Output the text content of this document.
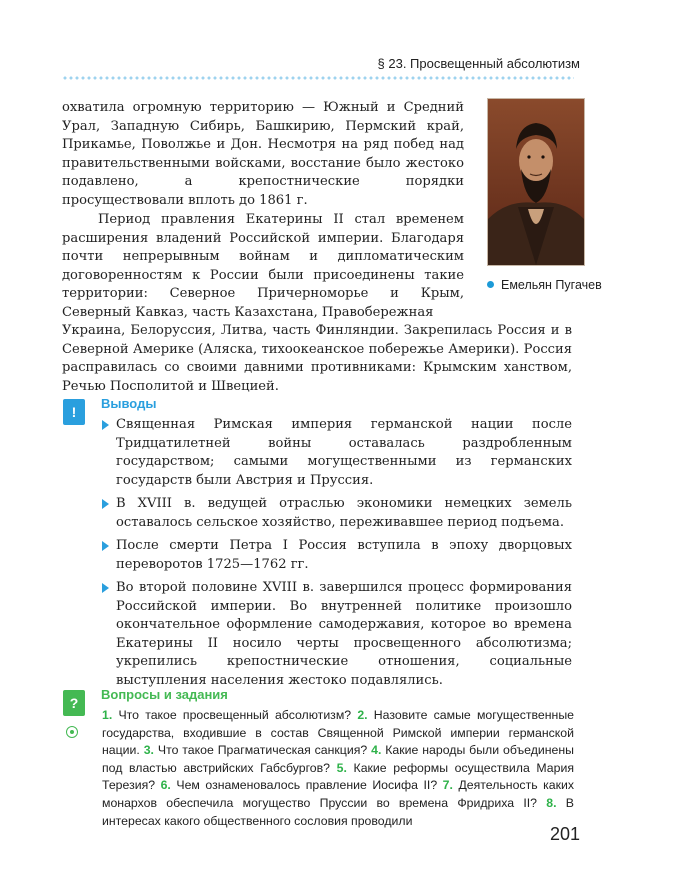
§ 23. Просвещенный абсолютизм

охватила огромную территорию — Южный и Средний Урал, Западную Сибирь, Башкирию, Пермский край, Прикамье, Поволжье и Дон. Несмотря на ряд побед над правительственными войсками, восстание было жестоко подавлено, а крепостнические порядки просуществовали вплоть до 1861 г.

Период правления Екатерины II стал временем расширения владений Российской империи. Благодаря почти непрерывным войнам и дипломатическим договоренностям к России были присоединены такие территории: Северное Причерноморье и Крым, Северный Кавказ, часть Казахстана, Правобережная

Украина, Белоруссия, Литва, часть Финляндии. Закрепилась Россия и в Северной Америке (Аляска, тихоокеанское побережье Америки). Россия расправилась со своими давними противниками: Крымским ханством, Речью Посполитой и Швецией.

Емельян Пугачев
!
Выводы
Священная Римская империя германской нации после Тридцатилетней войны оставалась раздробленным государством; самыми могущественными из германских государств были Австрия и Пруссия.
В XVIII в. ведущей отраслью экономики немецких земель оставалось сельское хозяйство, переживавшее период подъема.
После смерти Петра I Россия вступила в эпоху дворцовых переворотов 1725—1762 гг.
Во второй половине XVIII в. завершился процесс формирования Российской империи. Во внутренней политике произошло окончательное оформление самодержавия, которое во времена Екатерины II носило черты просвещенного абсолютизма; укрепились крепостнические отношения, социальные выступления населения жестоко подавлялись.
?
Вопросы и задания

1. Что такое просвещенный абсолютизм? 2. Назовите самые могущественные государства, входившие в состав Священной Римской империи германской нации. 3. Что такое Прагматическая санкция? 4. Какие народы были объединены под властью австрийских Габсбургов? 5. Какие реформы осуществила Мария Терезия? 6. Чем ознаменовалось правление Иосифа II? 7. Деятельность каких монархов обеспечила могущество Пруссии во времена Фридриха II? 8. В интересах какого общественного сословия проводили

201
